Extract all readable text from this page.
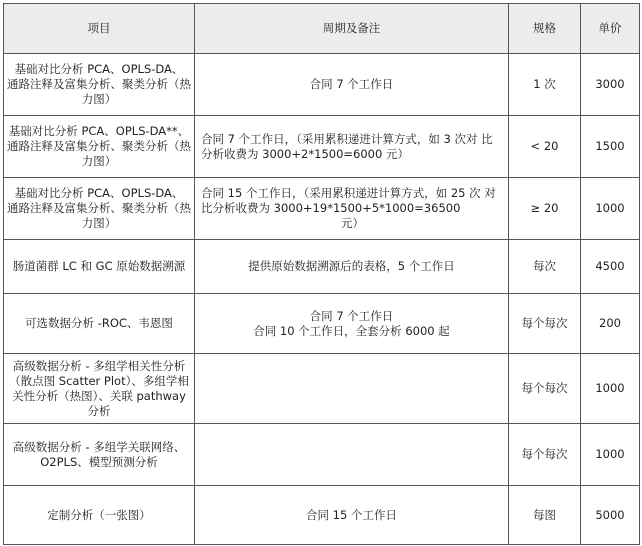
项目	周期及备注	规格	单价

基础对比分析 PCA、OPLS-DA、
通路注释及富集分析、聚类分析（热
力图）	合同 7 个工作日	1 次	3000

基础对比分析 PCA、OPLS-DA**、
通路注释及富集分析、聚类分析（热
力图）	合同 7 个工作日，（采用累积递进计算方式，如 3 次对 比
分析收费为 3000+2*1500=6000 元）	< 20	1500

基础对比分析 PCA、OPLS-DA、
通路注释及富集分析、聚类分析（热
力图）	合同 15 个工作日，（采用累积递进计算方式，如 25 次 对
比分析收费为 3000+19*1500+5*1000=36500
元）	≥ 20	1000

肠道菌群 LC 和 GC 原始数据溯源	提供原始数据溯源后的表格，5 个工作日	每次	4500

可选数据分析 -ROC、韦恩图	合同 7 个工作日
合同 10 个工作日，全套分析 6000 起	每个每次	200

高级数据分析 - 多组学相关性分析
（散点图 Scatter Plot）、多组学相
关性分析（热图）、关联 pathway
分析		每个每次	1000

高级数据分析 - 多组学关联网络、
O2PLS、模型预测分析		每个每次	1000

定制分析（一张图）	合同 15 个工作日	每图	5000
